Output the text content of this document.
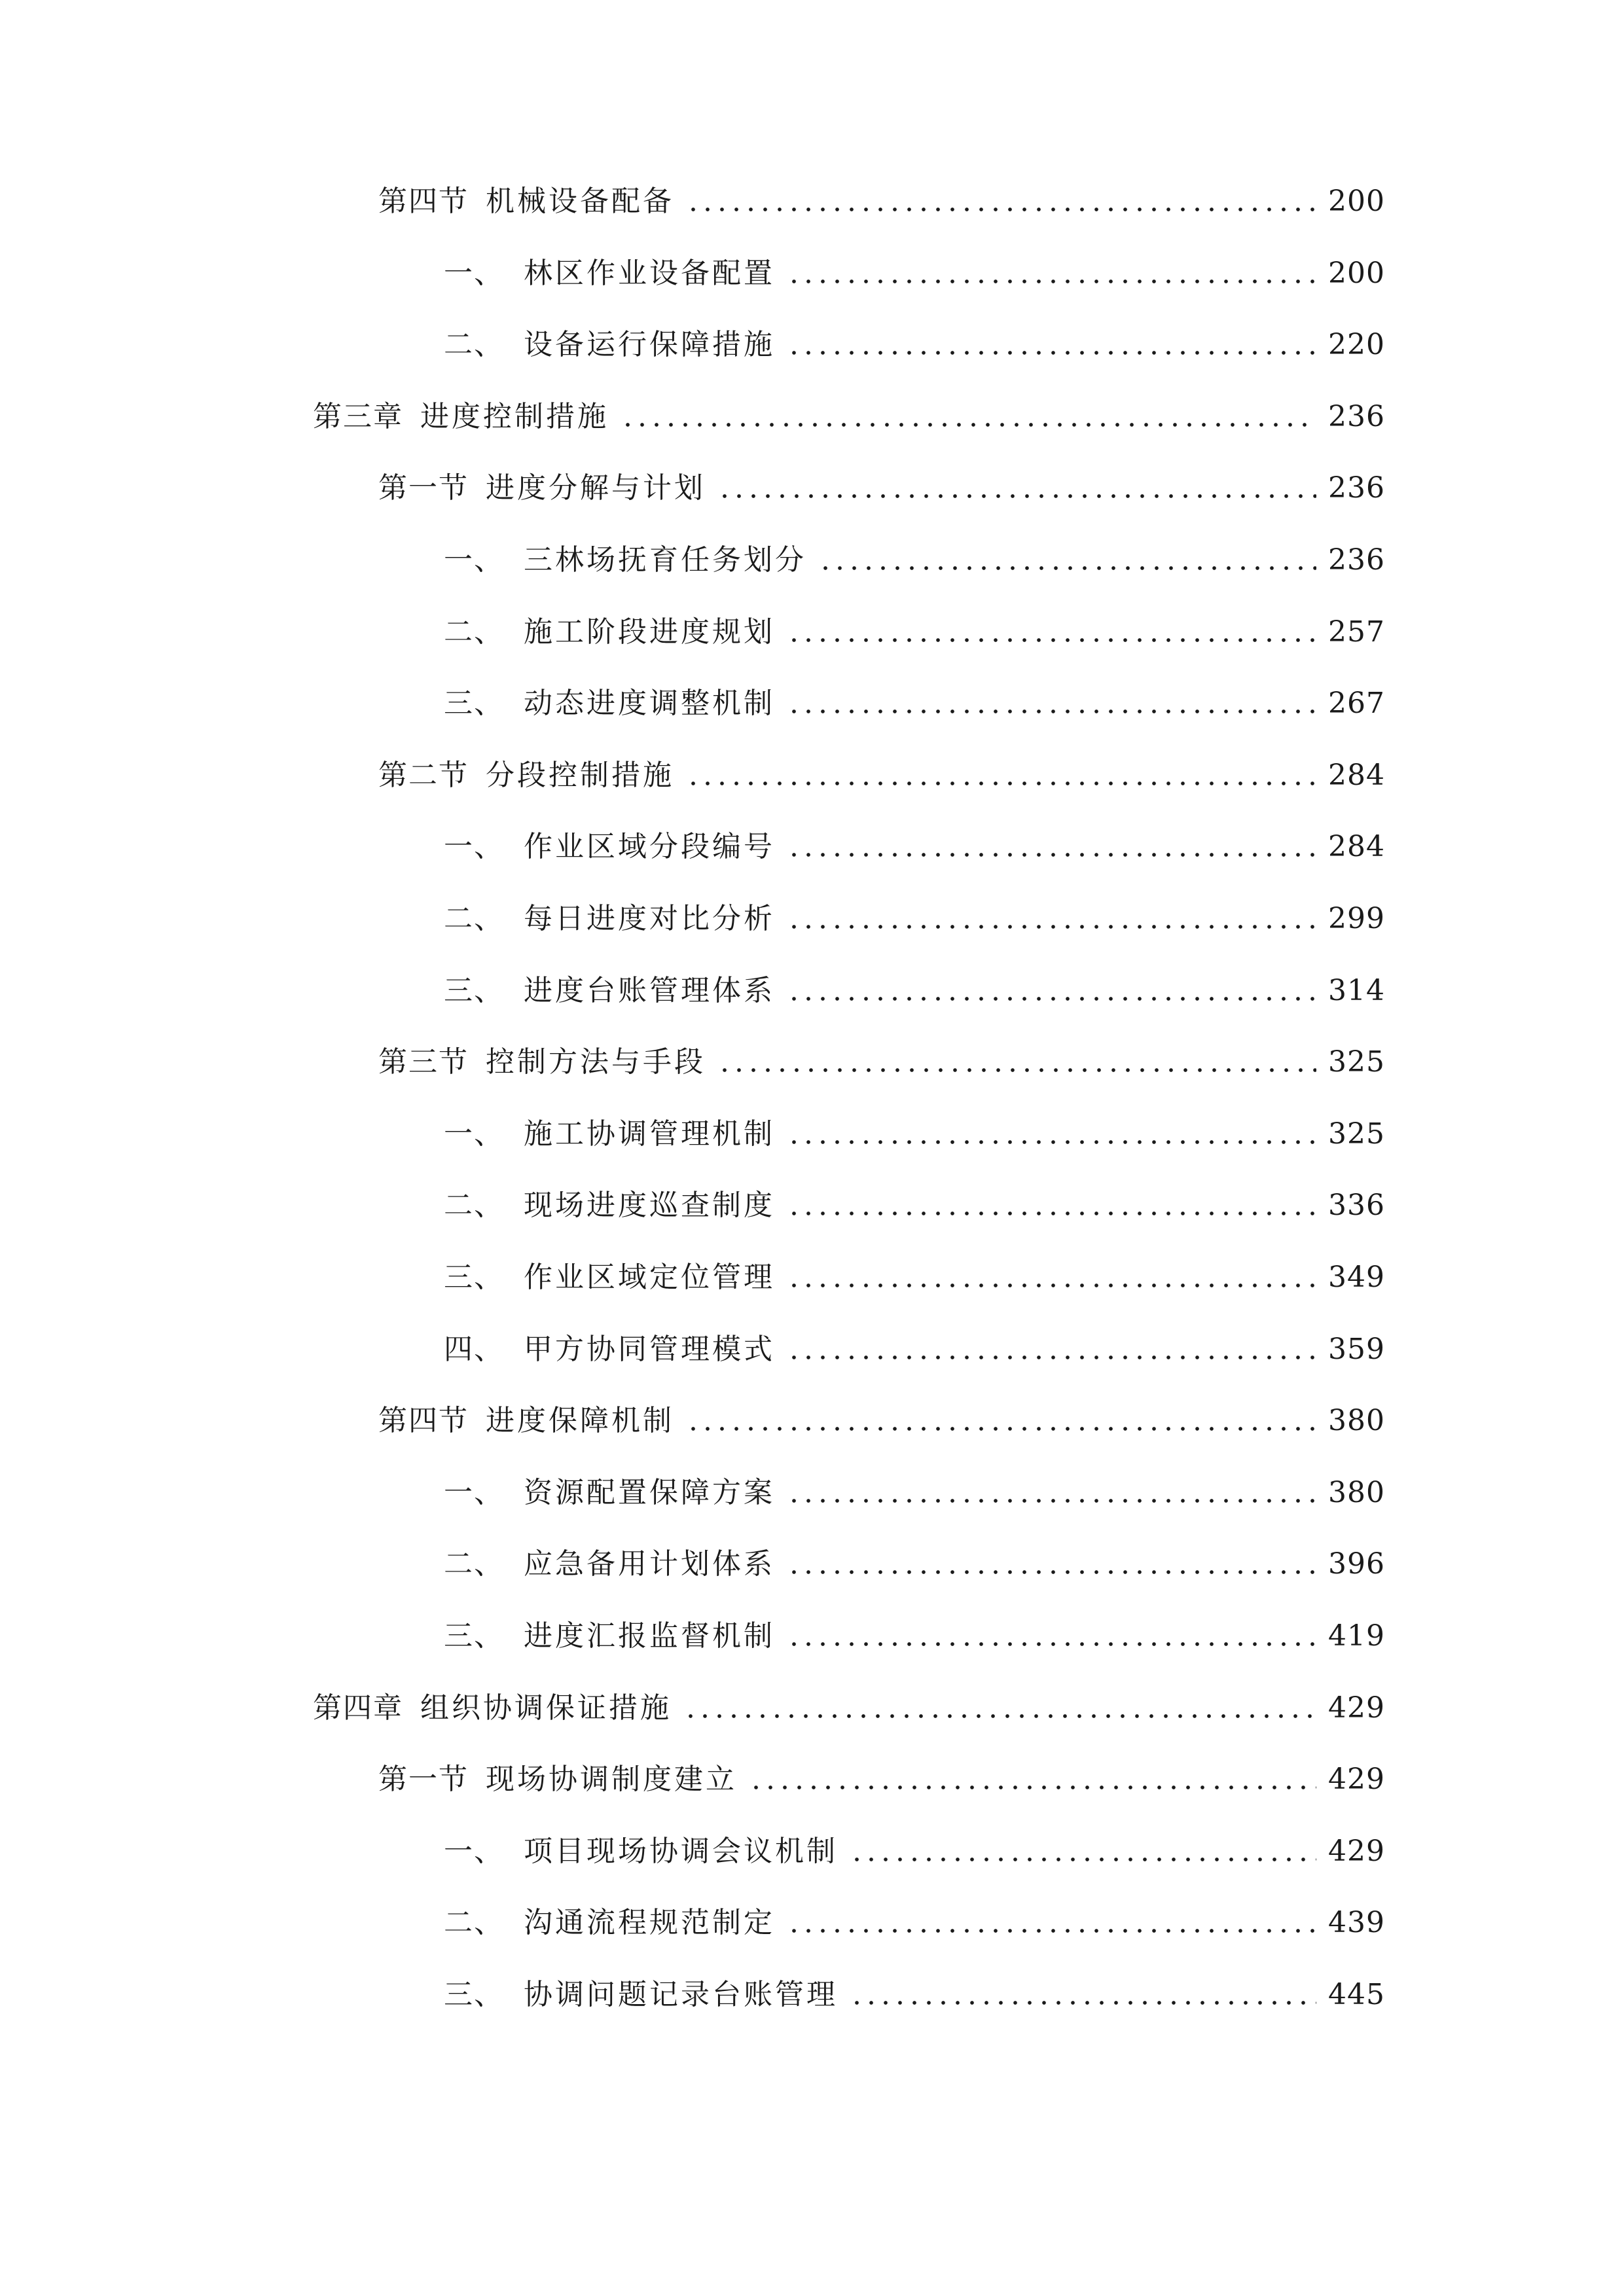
第四节 机械设备配备	200
一、 林区作业设备配置	200
二、 设备运行保障措施	220
第三章 进度控制措施	236
第一节 进度分解与计划	236
一、 三林场抚育任务划分	236
二、 施工阶段进度规划	257
三、 动态进度调整机制	267
第二节 分段控制措施	284
一、 作业区域分段编号	284
二、 每日进度对比分析	299
三、 进度台账管理体系	314
第三节 控制方法与手段	325
一、 施工协调管理机制	325
二、 现场进度巡查制度	336
三、 作业区域定位管理	349
四、 甲方协同管理模式	359
第四节 进度保障机制	380
一、 资源配置保障方案	380
二、 应急备用计划体系	396
三、 进度汇报监督机制	419
第四章 组织协调保证措施	429
第一节 现场协调制度建立	429
一、 项目现场协调会议机制	429
二、 沟通流程规范制定	439
三、 协调问题记录台账管理	445
